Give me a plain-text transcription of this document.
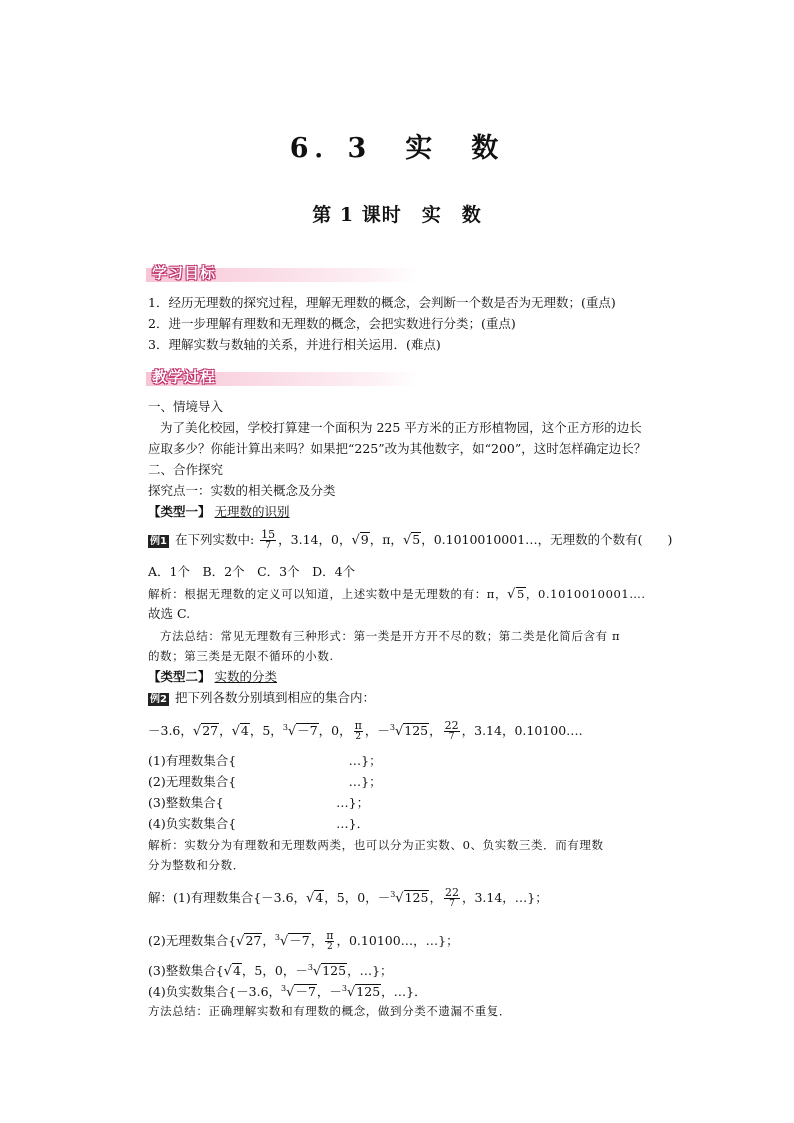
6．3　实　数
第 1 课时　实　数
学习目标
1．经历无理数的探究过程，理解无理数的概念，会判断一个数是否为无理数；(重点)
2．进一步理解有理数和无理数的概念，会把实数进行分类；(重点)
3．理解实数与数轴的关系，并进行相关运用．(难点)
教学过程
一、情境导入
为了美化校园，学校打算建一个面积为 225 平方米的正方形植物园，这个正方形的边长
应取多少？你能计算出来吗？如果把“225”改为其他数字，如“200”，这时怎样确定边长？
二、合作探究
探究点一：实数的相关概念及分类
【类型一】 无理数的识别
例1 在下列实数中: $\frac{15}{7}$ ，3.14，0，√9，π，√5，0.1010010001…，无理数的个数有(　　)
A．1个　B．2个　C．3个　D．4个
解析：根据无理数的定义可以知道，上述实数中是无理数的有：π，√5，0.1010010001….
故选 C.
方法总结：常见无理数有三种形式：第一类是开方开不尽的数；第二类是化简后含有 π
的数；第三类是无限不循环的小数.
【类型二】 实数的分类
例2 把下列各数分别填到相应的集合内：
－3.6，√27，√4，5，$^3$√－7，0， $\frac{\pi}{2}$ ，－$^3$√125， $\frac{22}{7}$ ，3.14，0.10100….
(1)有理数集合{　　　　　　　　　…}；
(2)无理数集合{　　　　　　　　　…}；
(3)整数集合{　　　　　　　　　…}；
(4)负实数集合{　　　　　　　　…}．
解析：实数分为有理数和无理数两类，也可以分为正实数、0、负实数三类．而有理数
分为整数和分数．
解：(1)有理数集合{－3.6，√4，5，0，－$^3$√125， $\frac{22}{7}$ ，3.14，…}；
(2)无理数集合{√27，$^3$√－7， $\frac{\pi}{2}$ ，0.10100…，…}；
(3)整数集合{√4，5，0，－$^3$√125，…}；
(4)负实数集合{－3.6，$^3$√－7，－$^3$√125，…}．
方法总结：正确理解实数和有理数的概念，做到分类不遗漏不重复．
